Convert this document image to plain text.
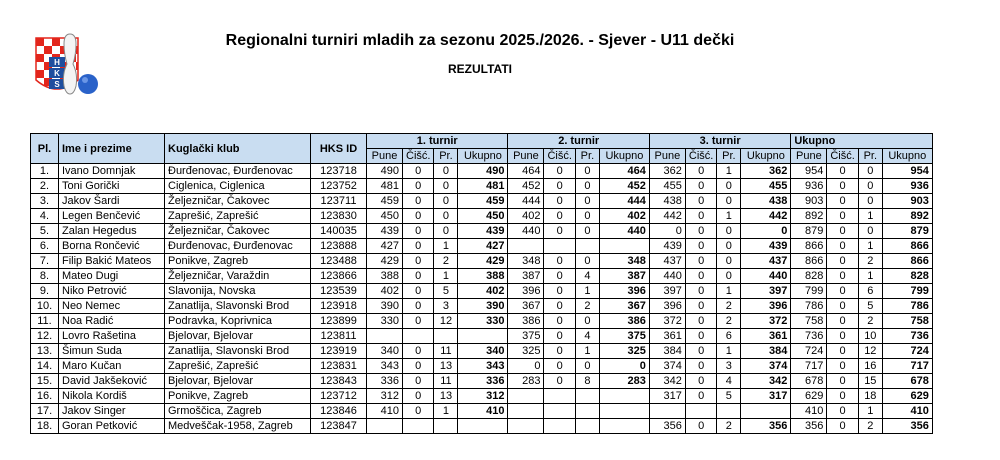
K
S
H
Regionalni turniri mladih za sezonu 2025./2026. - Sjever - U11 dečki
REZULTATI
Pl.	Ime i prezime	Kuglački klub	HKS ID	1. turnir				2. turnir				3. turnir				Ukupno			
				Pune	Čišć.	Pr.	Ukupno	Pune	Čišć.	Pr.	Ukupno	Pune	Čišć.	Pr.	Ukupno	Pune	Čišć.	Pr.	Ukupno
1.	Ivano Domnjak	Đurđenovac, Đurđenovac	123718	490	0	0	490	464	0	0	464	362	0	1	362	954	0	0	954
2.	Toni Gorički	Ciglenica, Ciglenica	123752	481	0	0	481	452	0	0	452	455	0	0	455	936	0	0	936
3.	Jakov Šardi	Željezničar, Čakovec	123711	459	0	0	459	444	0	0	444	438	0	0	438	903	0	0	903
4.	Legen Benčević	Zaprešić, Zaprešić	123830	450	0	0	450	402	0	0	402	442	0	1	442	892	0	1	892
5.	Zalan Hegedus	Željezničar, Čakovec	140035	439	0	0	439	440	0	0	440	0	0	0	0	879	0	0	879
6.	Borna Rončević	Đurđenovac, Đurđenovac	123888	427	0	1	427					439	0	0	439	866	0	1	866
7.	Filip Bakić Mateos	Ponikve, Zagreb	123488	429	0	2	429	348	0	0	348	437	0	0	437	866	0	2	866
8.	Mateo Dugi	Željezničar, Varaždin	123866	388	0	1	388	387	0	4	387	440	0	0	440	828	0	1	828
9.	Niko Petrović	Slavonija, Novska	123539	402	0	5	402	396	0	1	396	397	0	1	397	799	0	6	799
10.	Neo Nemec	Zanatlija, Slavonski Brod	123918	390	0	3	390	367	0	2	367	396	0	2	396	786	0	5	786
11.	Noa Radić	Podravka, Koprivnica	123899	330	0	12	330	386	0	0	386	372	0	2	372	758	0	2	758
12.	Lovro Rašetina	Bjelovar, Bjelovar	123811					375	0	4	375	361	0	6	361	736	0	10	736
13.	Šimun Suda	Zanatlija, Slavonski Brod	123919	340	0	11	340	325	0	1	325	384	0	1	384	724	0	12	724
14.	Maro Kučan	Zaprešić, Zaprešić	123831	343	0	13	343	0	0	0	0	374	0	3	374	717	0	16	717
15.	David Jakšeković	Bjelovar, Bjelovar	123843	336	0	11	336	283	0	8	283	342	0	4	342	678	0	15	678
16.	Nikola Kordiš	Ponikve, Zagreb	123712	312	0	13	312					317	0	5	317	629	0	18	629
17.	Jakov Singer	Grmoščica, Zagreb	123846	410	0	1	410									410	0	1	410
18.	Goran Petković	Medveščak-1958, Zagreb	123847									356	0	2	356	356	0	2	356
